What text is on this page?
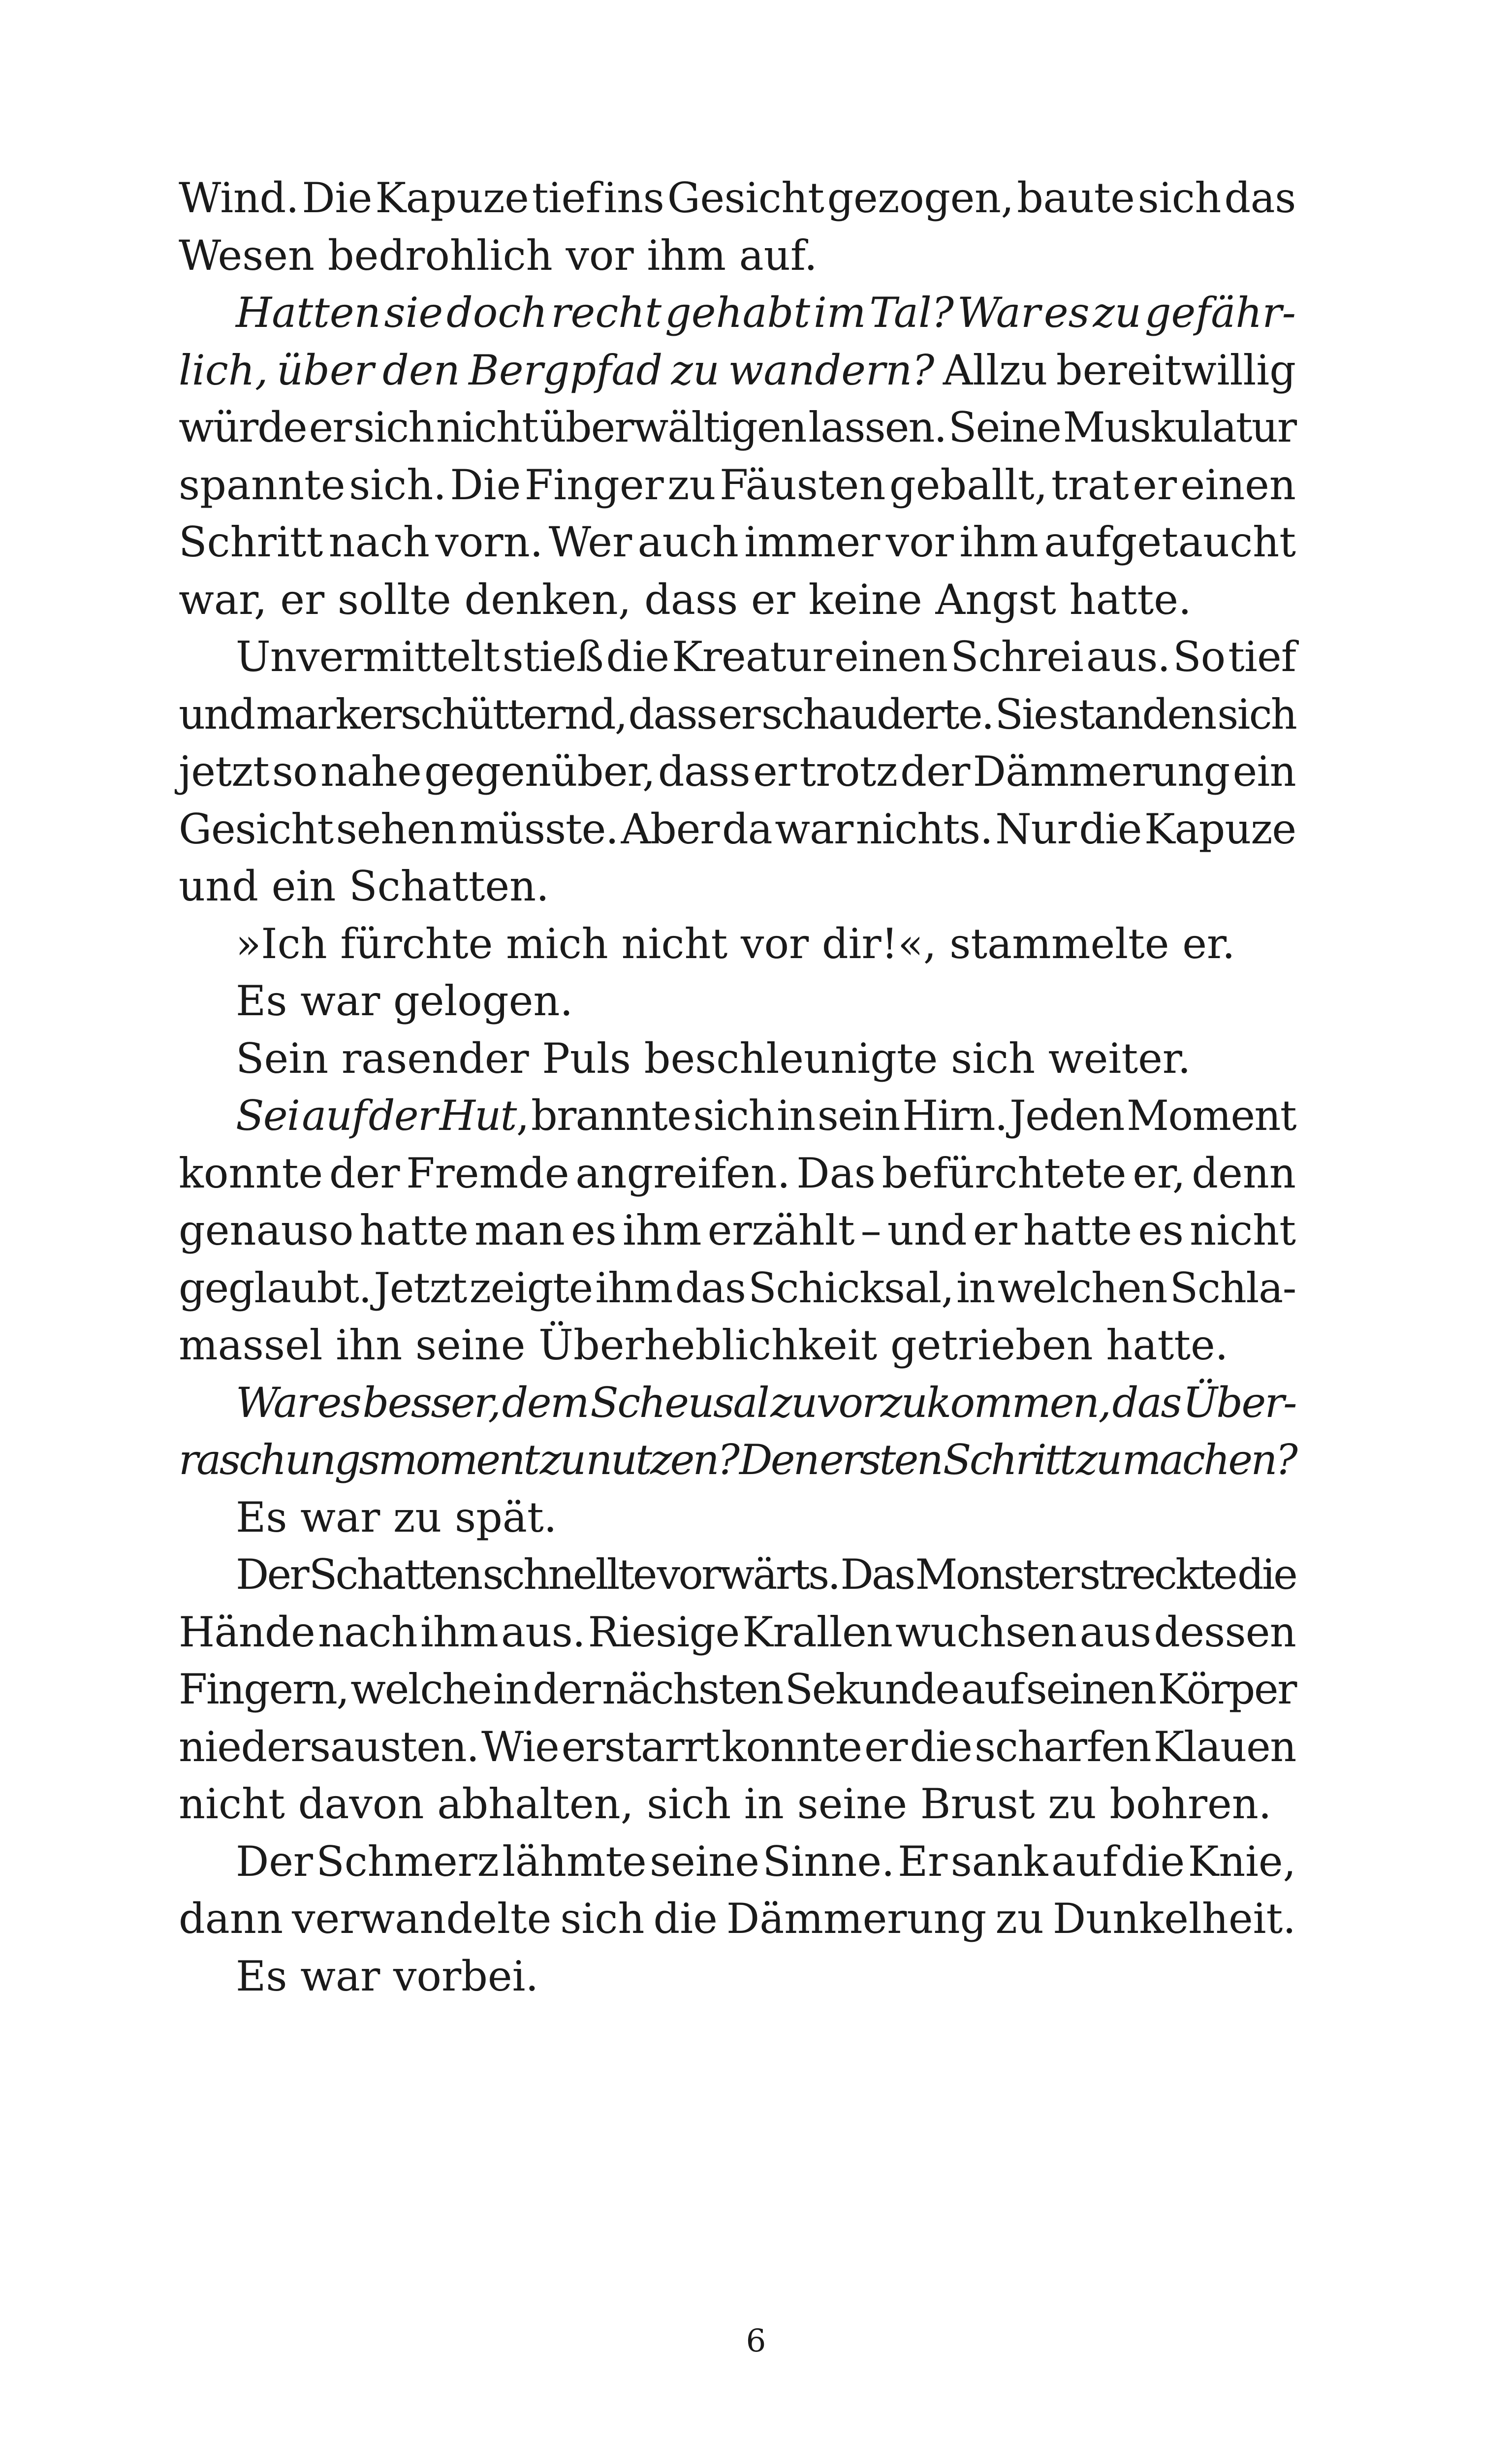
Wind. Die Kapuze tief ins Gesicht gezogen, baute sich das
Wesen bedrohlich vor ihm auf.
Hatten sie doch recht gehabt im Tal? War es zu gefähr-
lich, über den Bergpfad zu wandern? Allzu bereitwillig
würde er sich nicht überwältigen lassen. Seine Muskulatur
spannte sich. Die Finger zu Fäusten geballt, trat er einen
Schritt nach vorn. Wer auch immer vor ihm aufgetaucht
war, er sollte denken, dass er keine Angst hatte.
Unvermittelt stieß die Kreatur einen Schrei aus. So tief
und markerschütternd, dass er schauderte. Sie standen sich
jetzt so nahe gegenüber, dass er trotz der Dämmerung ein
Gesicht sehen müsste. Aber da war nichts. Nur die Kapuze
und ein Schatten.
»Ich fürchte mich nicht vor dir!«, stammelte er.
Es war gelogen.
Sein rasender Puls beschleunigte sich weiter.
Sei auf der Hut, brannte sich in sein Hirn. Jeden Moment
konnte der Fremde angreifen. Das befürchtete er, denn
genauso hatte man es ihm erzählt – und er hatte es nicht
geglaubt. Jetzt zeigte ihm das Schicksal, in welchen Schla-
massel ihn seine Überheblichkeit getrieben hatte.
War es besser, dem Scheusal zuvorzukommen, das Über-
raschungsmoment zu nutzen? Den ersten Schritt zu machen?
Es war zu spät.
Der Schatten schnellte vorwärts. Das Monster streckte die
Hände nach ihm aus. Riesige Krallen wuchsen aus dessen
Fingern, welche in der nächsten Sekunde auf seinen Körper
niedersausten. Wie erstarrt konnte er die scharfen Klauen
nicht davon abhalten, sich in seine Brust zu bohren.
Der Schmerz lähmte seine Sinne. Er sank auf die Knie,
dann verwandelte sich die Dämmerung zu Dunkelheit.
Es war vorbei.
6
